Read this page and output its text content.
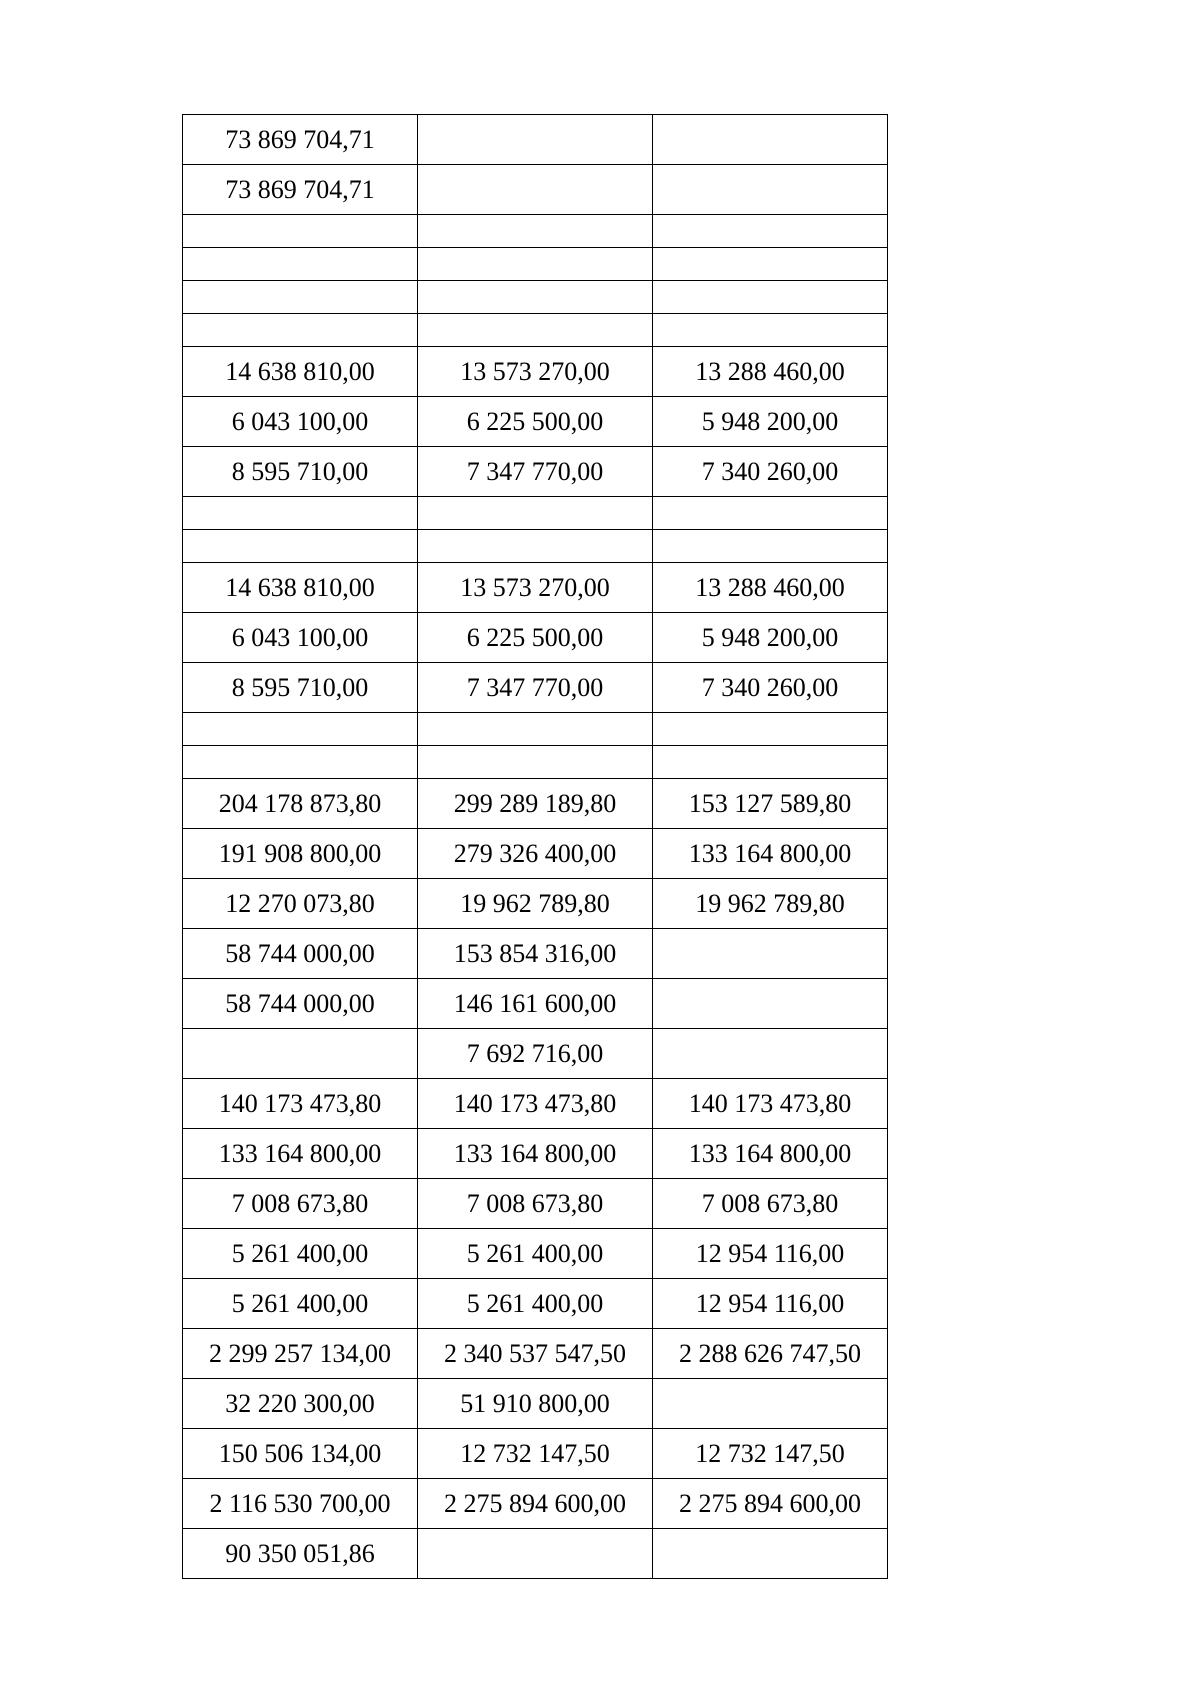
73 869 704,71		
73 869 704,71		

14 638 810,00	13 573 270,00	13 288 460,00
6 043 100,00	6 225 500,00	5 948 200,00
8 595 710,00	7 347 770,00	7 340 260,00

14 638 810,00	13 573 270,00	13 288 460,00
6 043 100,00	6 225 500,00	5 948 200,00
8 595 710,00	7 347 770,00	7 340 260,00

204 178 873,80	299 289 189,80	153 127 589,80
191 908 800,00	279 326 400,00	133 164 800,00
12 270 073,80	19 962 789,80	19 962 789,80
58 744 000,00	153 854 316,00	
58 744 000,00	146 161 600,00	
	7 692 716,00	
140 173 473,80	140 173 473,80	140 173 473,80
133 164 800,00	133 164 800,00	133 164 800,00
7 008 673,80	7 008 673,80	7 008 673,80
5 261 400,00	5 261 400,00	12 954 116,00
5 261 400,00	5 261 400,00	12 954 116,00
2 299 257 134,00	2 340 537 547,50	2 288 626 747,50
32 220 300,00	51 910 800,00	
150 506 134,00	12 732 147,50	12 732 147,50
2 116 530 700,00	2 275 894 600,00	2 275 894 600,00
90 350 051,86		
